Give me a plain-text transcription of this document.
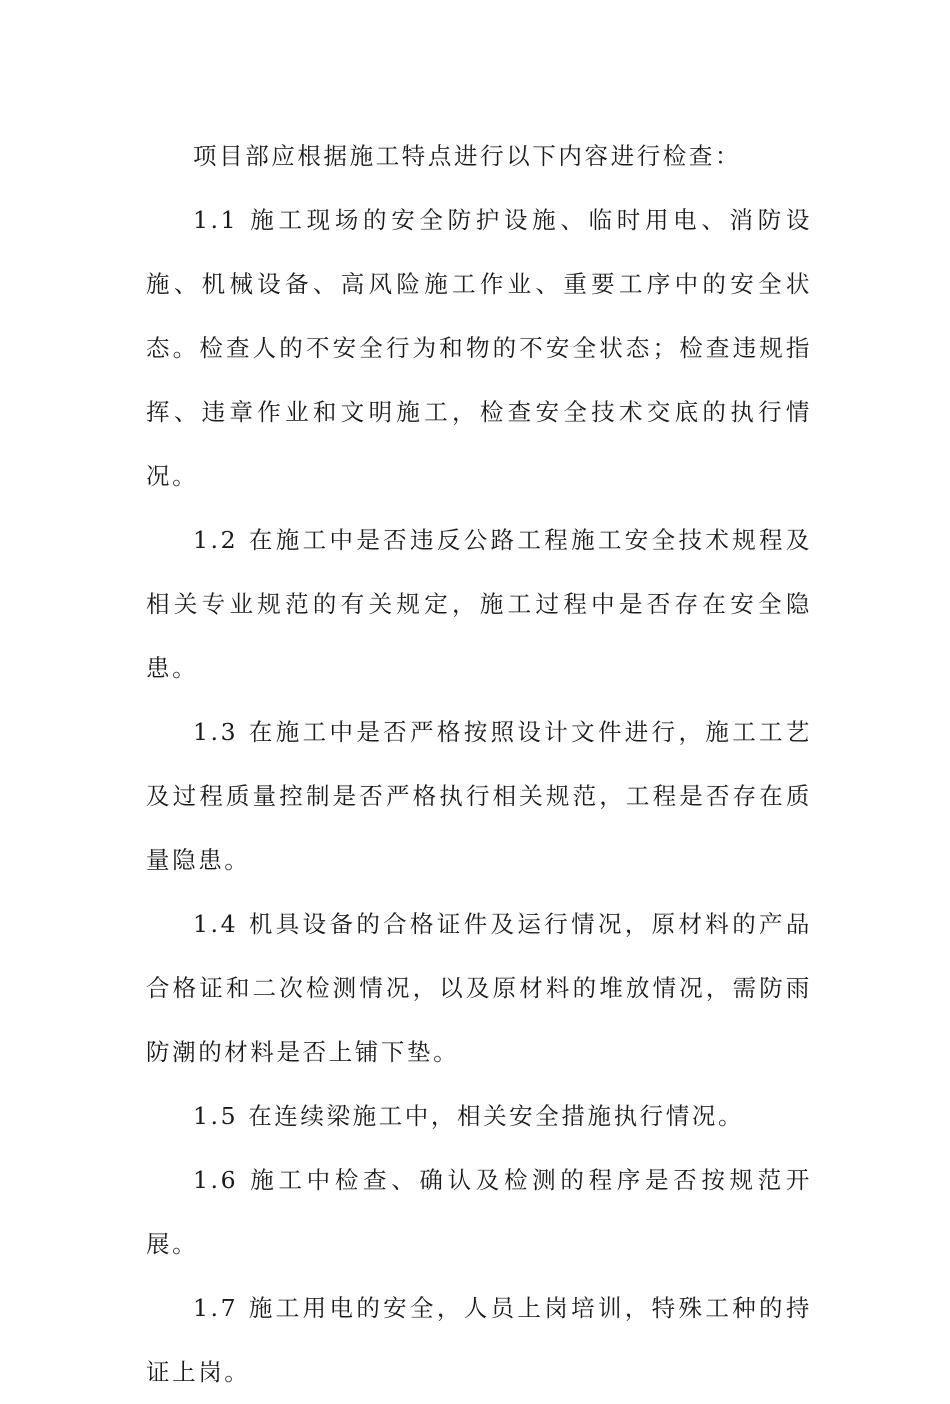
项目部应根据施工特点进行以下内容进行检查：

1.1 施工现场的安全防护设施、临时用电、消防设施、机械设备、高风险施工作业、重要工序中的安全状态。检查人的不安全行为和物的不安全状态；检查违规指挥、违章作业和文明施工，检查安全技术交底的执行情况。

1.2 在施工中是否违反公路工程施工安全技术规程及相关专业规范的有关规定，施工过程中是否存在安全隐患。

1.3 在施工中是否严格按照设计文件进行，施工工艺及过程质量控制是否严格执行相关规范，工程是否存在质量隐患。

1.4 机具设备的合格证件及运行情况，原材料的产品合格证和二次检测情况，以及原材料的堆放情况，需防雨防潮的材料是否上铺下垫。

1.5 在连续梁施工中，相关安全措施执行情况。

1.6 施工中检查、确认及检测的程序是否按规范开展。

1.7 施工用电的安全，人员上岗培训，特殊工种的持证上岗。
